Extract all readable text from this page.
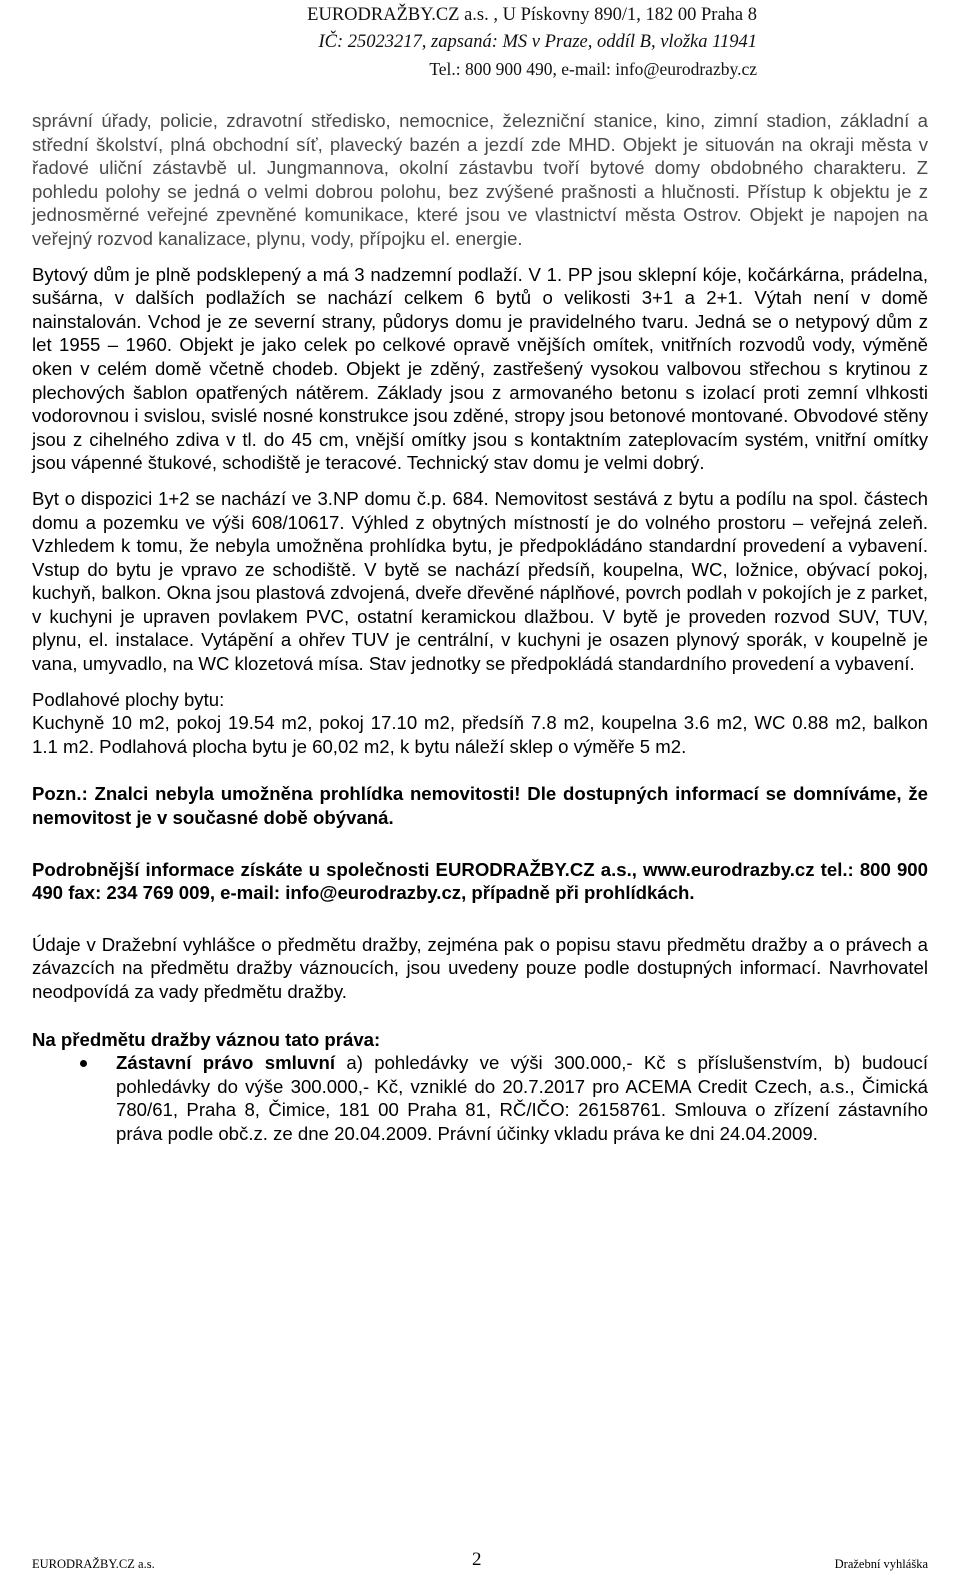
EURODRAŽBY.CZ a.s. , U Pískovny 890/1, 182 00 Praha 8
IČ: 25023217, zapsaná: MS v Praze, oddíl B, vložka 11941
Tel.: 800 900 490, e-mail: info@eurodrazby.cz

správní úřady, policie, zdravotní středisko, nemocnice, železniční stanice, kino, zimní stadion, základní a střední školství, plná obchodní síť, plavecký bazén a jezdí zde MHD. Objekt je situován na okraji města v řadové uliční zástavbě ul. Jungmannova, okolní zástavbu tvoří bytové domy obdobného charakteru. Z pohledu polohy se jedná o velmi dobrou polohu, bez zvýšené prašnosti a hlučnosti. Přístup k objektu je z jednosměrné veřejné zpevněné komunikace, které jsou ve vlastnictví města Ostrov. Objekt je napojen na veřejný rozvod kanalizace, plynu, vody, přípojku el. energie.

Bytový dům je plně podsklepený a má 3 nadzemní podlaží. V 1. PP jsou sklepní kóje, kočárkárna, prádelna, sušárna, v dalších podlažích se nachází celkem 6 bytů o velikosti 3+1 a 2+1. Výtah není v domě nainstalován. Vchod je ze severní strany, půdorys domu je pravidelného tvaru. Jedná se o netypový dům z let 1955 – 1960. Objekt je jako celek po celkové opravě vnějších omítek, vnitřních rozvodů vody, výměně oken v celém domě včetně chodeb. Objekt je zděný, zastřešený vysokou valbovou střechou s krytinou z plechových šablon opatřených nátěrem. Základy jsou z armovaného betonu s izolací proti zemní vlhkosti vodorovnou i svislou, svislé nosné konstrukce jsou zděné, stropy jsou betonové montované. Obvodové stěny jsou z cihelného zdiva v tl. do 45 cm, vnější omítky jsou s kontaktním zateplovacím systém, vnitřní omítky jsou vápenné štukové, schodiště je teracové. Technický stav domu je velmi dobrý.

Byt o dispozici 1+2 se nachází ve 3.NP domu č.p. 684. Nemovitost sestává z bytu a podílu na spol. částech domu a pozemku ve výši 608/10617. Výhled z obytných místností je do volného prostoru – veřejná zeleň. Vzhledem k tomu, že nebyla umožněna prohlídka bytu, je předpokládáno standardní provedení a vybavení. Vstup do bytu je vpravo ze schodiště. V bytě se nachází předsíň, koupelna, WC, ložnice, obývací pokoj, kuchyň, balkon. Okna jsou plastová zdvojená, dveře dřevěné náplňové, povrch podlah v pokojích je z parket, v kuchyni je upraven povlakem PVC, ostatní keramickou dlažbou. V bytě je proveden rozvod SUV, TUV, plynu, el. instalace. Vytápění a ohřev TUV je centrální, v kuchyni je osazen plynový sporák, v koupelně je vana, umyvadlo, na WC klozetová mísa. Stav jednotky se předpokládá standardního provedení a vybavení.

Podlahové plochy bytu:

Kuchyně 10 m2, pokoj 19.54 m2, pokoj 17.10 m2, předsíň 7.8 m2, koupelna 3.6 m2, WC 0.88 m2, balkon 1.1 m2. Podlahová plocha bytu je 60,02 m2, k bytu náleží sklep o výměře 5 m2.

Pozn.: Znalci nebyla umožněna prohlídka nemovitosti! Dle dostupných informací se domníváme, že nemovitost je v současné době obývaná.

Podrobnější informace získáte u společnosti EURODRAŽBY.CZ a.s., www.eurodrazby.cz tel.: 800 900 490 fax: 234 769 009, e-mail: info@eurodrazby.cz, případně při prohlídkách.

Údaje v Dražební vyhlášce o předmětu dražby, zejména pak o popisu stavu předmětu dražby a o právech a závazcích na předmětu dražby váznoucích, jsou uvedeny pouze podle dostupných informací. Navrhovatel neodpovídá za vady předmětu dražby.

Na předmětu dražby váznou tato práva:

Zástavní právo smluvní a) pohledávky ve výši 300.000,- Kč s příslušenstvím, b) budoucí pohledávky do výše 300.000,- Kč, vzniklé do 20.7.2017 pro ACEMA Credit Czech, a.s., Čimická 780/61, Praha 8, Čimice, 181 00 Praha 81, RČ/IČO: 26158761. Smlouva o zřízení zástavního práva podle obč.z. ze dne 20.04.2009. Právní účinky vkladu práva ke dni 24.04.2009.
EURODRAŽBY.CZ a.s.	2	Dražební vyhláška
